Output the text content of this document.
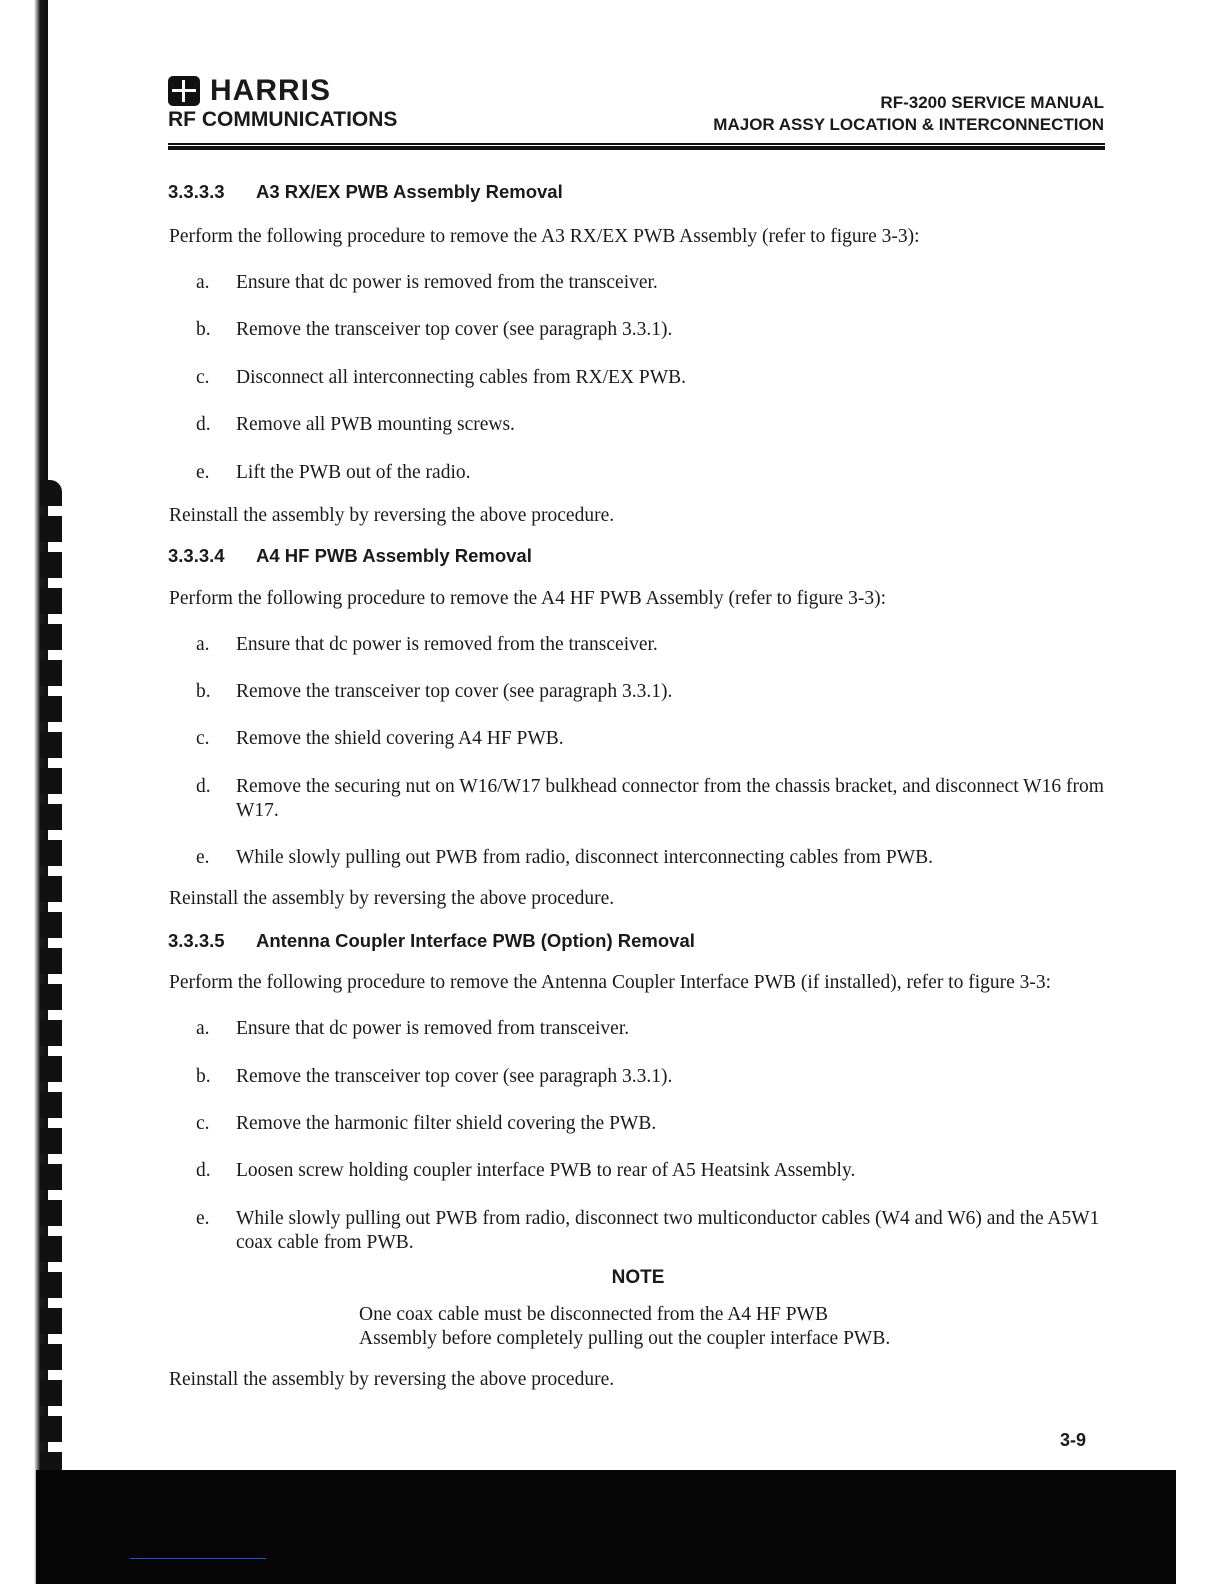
HARRIS
RF COMMUNICATIONS
RF-3200 SERVICE MANUAL
MAJOR ASSY LOCATION & INTERCONNECTION
3.3.3.3 A3 RX/EX PWB Assembly Removal
Perform the following procedure to remove the A3 RX/EX PWB Assembly (refer to figure 3-3):
a. Ensure that dc power is removed from the transceiver.
b. Remove the transceiver top cover (see paragraph 3.3.1).
c. Disconnect all interconnecting cables from RX/EX PWB.
d. Remove all PWB mounting screws.
e. Lift the PWB out of the radio.
Reinstall the assembly by reversing the above procedure.
3.3.3.4 A4 HF PWB Assembly Removal
Perform the following procedure to remove the A4 HF PWB Assembly (refer to figure 3-3):
a. Ensure that dc power is removed from the transceiver.
b. Remove the transceiver top cover (see paragraph 3.3.1).
c. Remove the shield covering A4 HF PWB.
d. Remove the securing nut on W16/W17 bulkhead connector from the chassis bracket, and disconnect W16 from W17.
e. While slowly pulling out PWB from radio, disconnect interconnecting cables from PWB.
Reinstall the assembly by reversing the above procedure.
3.3.3.5 Antenna Coupler Interface PWB (Option) Removal
Perform the following procedure to remove the Antenna Coupler Interface PWB (if installed), refer to figure 3-3:
a. Ensure that dc power is removed from transceiver.
b. Remove the transceiver top cover (see paragraph 3.3.1).
c. Remove the harmonic filter shield covering the PWB.
d. Loosen screw holding coupler interface PWB to rear of A5 Heatsink Assembly.
e. While slowly pulling out PWB from radio, disconnect two multiconductor cables (W4 and W6) and the A5W1 coax cable from PWB.
NOTE
One coax cable must be disconnected from the A4 HF PWB
Assembly before completely pulling out the coupler interface PWB.
Reinstall the assembly by reversing the above procedure.
3-9
